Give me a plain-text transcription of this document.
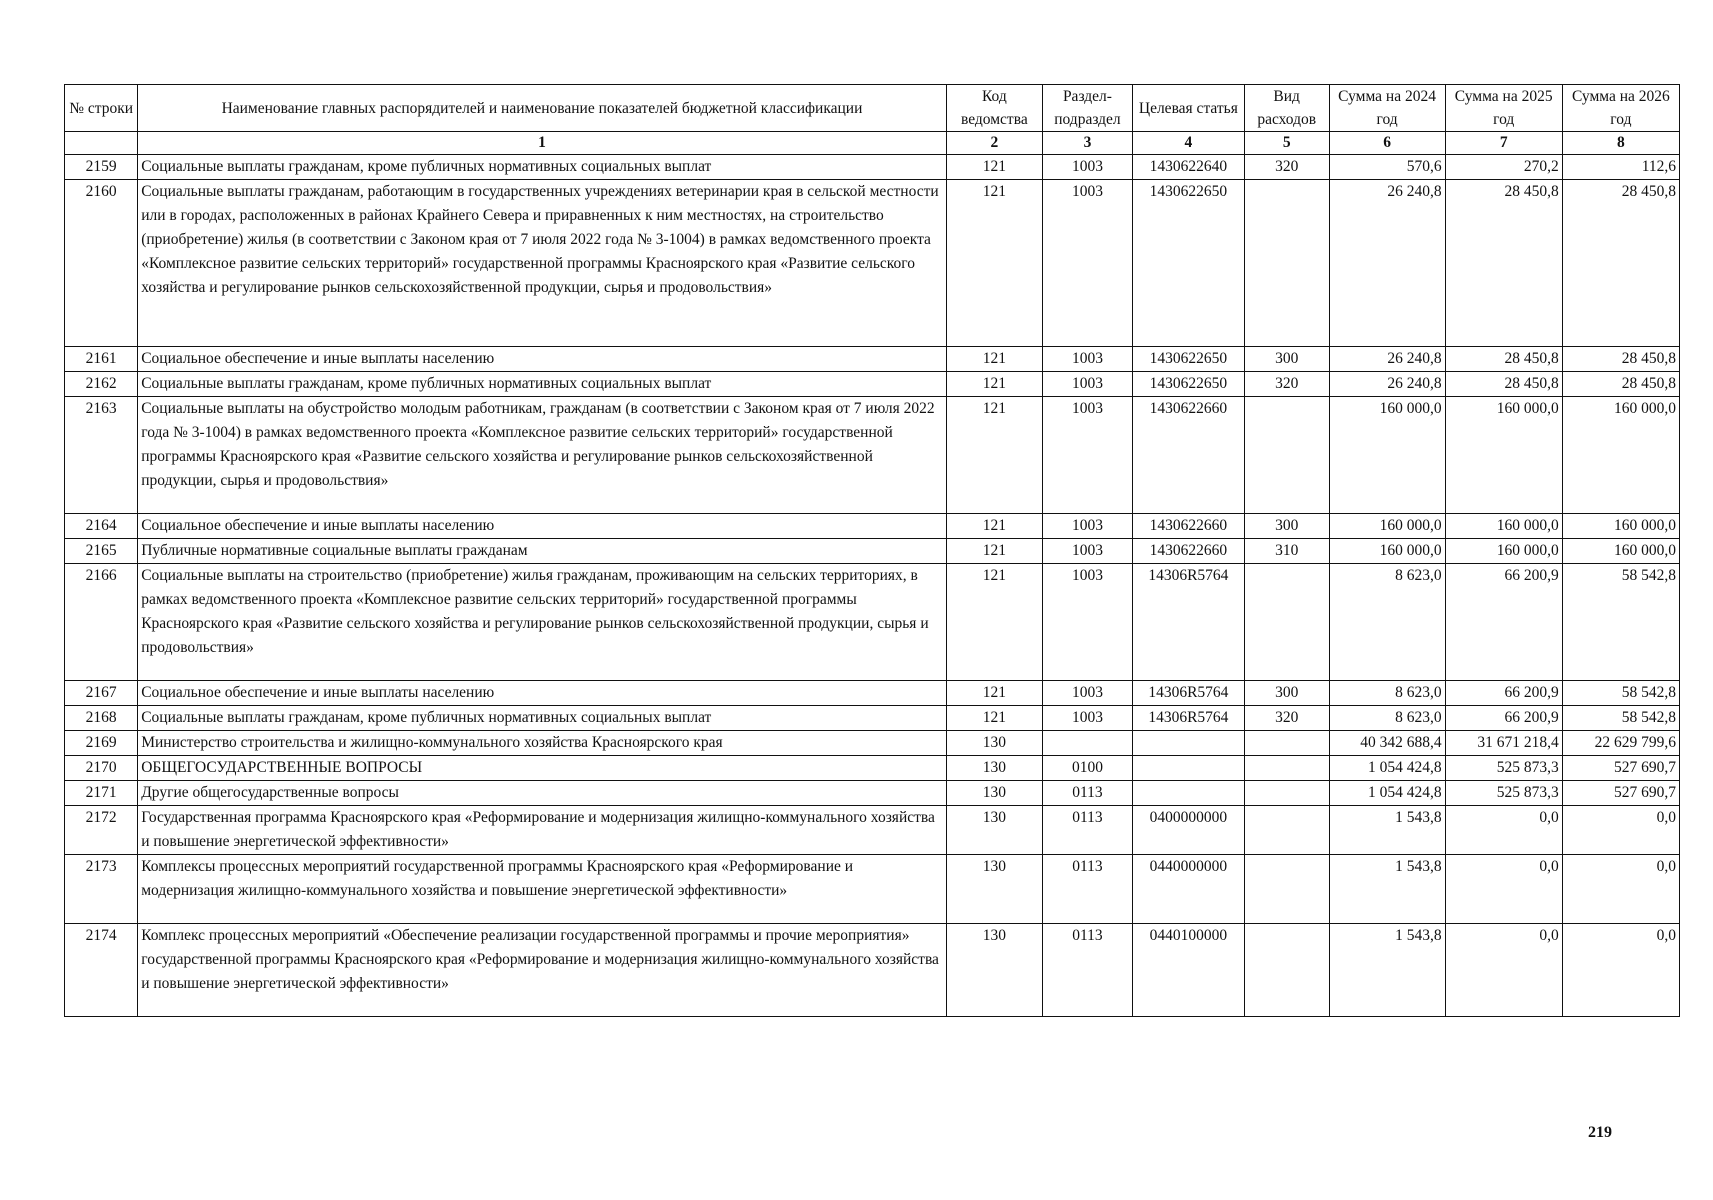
№ строки	Наименование главных распорядителей и наименование показателей бюджетной классификации	Код ведомства	Раздел-подраздел	Целевая статья	Вид расходов	Сумма на 2024 год	Сумма на 2025 год	Сумма на 2026 год
	1	2	3	4	5	6	7	8
2159	Социальные выплаты гражданам, кроме публичных нормативных социальных выплат	121	1003	1430622640	320	570,6	270,2	112,6
2160	Социальные выплаты гражданам, работающим в государственных учреждениях ветеринарии края в сельской местности или в городах, расположенных в районах Крайнего Севера и приравненных к ним местностях, на строительство (приобретение) жилья (в соответствии с Законом края от 7 июля 2022 года № 3-1004) в рамках ведомственного проекта «Комплексное развитие сельских территорий» государственной программы Красноярского края «Развитие сельского хозяйства и регулирование рынков сельскохозяйственной продукции, сырья и продовольствия»	121	1003	1430622650		26 240,8	28 450,8	28 450,8
2161	Социальное обеспечение и иные выплаты населению	121	1003	1430622650	300	26 240,8	28 450,8	28 450,8
2162	Социальные выплаты гражданам, кроме публичных нормативных социальных выплат	121	1003	1430622650	320	26 240,8	28 450,8	28 450,8
2163	Социальные выплаты на обустройство молодым работникам, гражданам (в соответствии с Законом края от 7 июля 2022 года № 3-1004) в рамках ведомственного проекта «Комплексное развитие сельских территорий» государственной программы Красноярского края «Развитие сельского хозяйства и регулирование рынков сельскохозяйственной продукции, сырья и продовольствия»	121	1003	1430622660		160 000,0	160 000,0	160 000,0
2164	Социальное обеспечение и иные выплаты населению	121	1003	1430622660	300	160 000,0	160 000,0	160 000,0
2165	Публичные нормативные социальные выплаты гражданам	121	1003	1430622660	310	160 000,0	160 000,0	160 000,0
2166	Социальные выплаты на строительство (приобретение) жилья гражданам, проживающим на сельских территориях, в рамках ведомственного проекта «Комплексное развитие сельских территорий» государственной программы Красноярского края «Развитие сельского хозяйства и регулирование рынков сельскохозяйственной продукции, сырья и продовольствия»	121	1003	14306R5764		8 623,0	66 200,9	58 542,8
2167	Социальное обеспечение и иные выплаты населению	121	1003	14306R5764	300	8 623,0	66 200,9	58 542,8
2168	Социальные выплаты гражданам, кроме публичных нормативных социальных выплат	121	1003	14306R5764	320	8 623,0	66 200,9	58 542,8
2169	Министерство строительства и жилищно-коммунального хозяйства Красноярского края	130				40 342 688,4	31 671 218,4	22 629 799,6
2170	ОБЩЕГОСУДАРСТВЕННЫЕ ВОПРОСЫ	130	0100			1 054 424,8	525 873,3	527 690,7
2171	Другие общегосударственные вопросы	130	0113			1 054 424,8	525 873,3	527 690,7
2172	Государственная программа Красноярского края «Реформирование и модернизация жилищно-коммунального хозяйства и повышение энергетической эффективности»	130	0113	0400000000		1 543,8	0,0	0,0
2173	Комплексы процессных мероприятий государственной программы Красноярского края «Реформирование и модернизация жилищно-коммунального хозяйства и повышение энергетической эффективности»	130	0113	0440000000		1 543,8	0,0	0,0
2174	Комплекс процессных мероприятий «Обеспечение реализации государственной программы и прочие мероприятия» государственной программы Красноярского края «Реформирование и модернизация жилищно-коммунального хозяйства и повышение энергетической эффективности»	130	0113	0440100000		1 543,8	0,0	0,0
219
